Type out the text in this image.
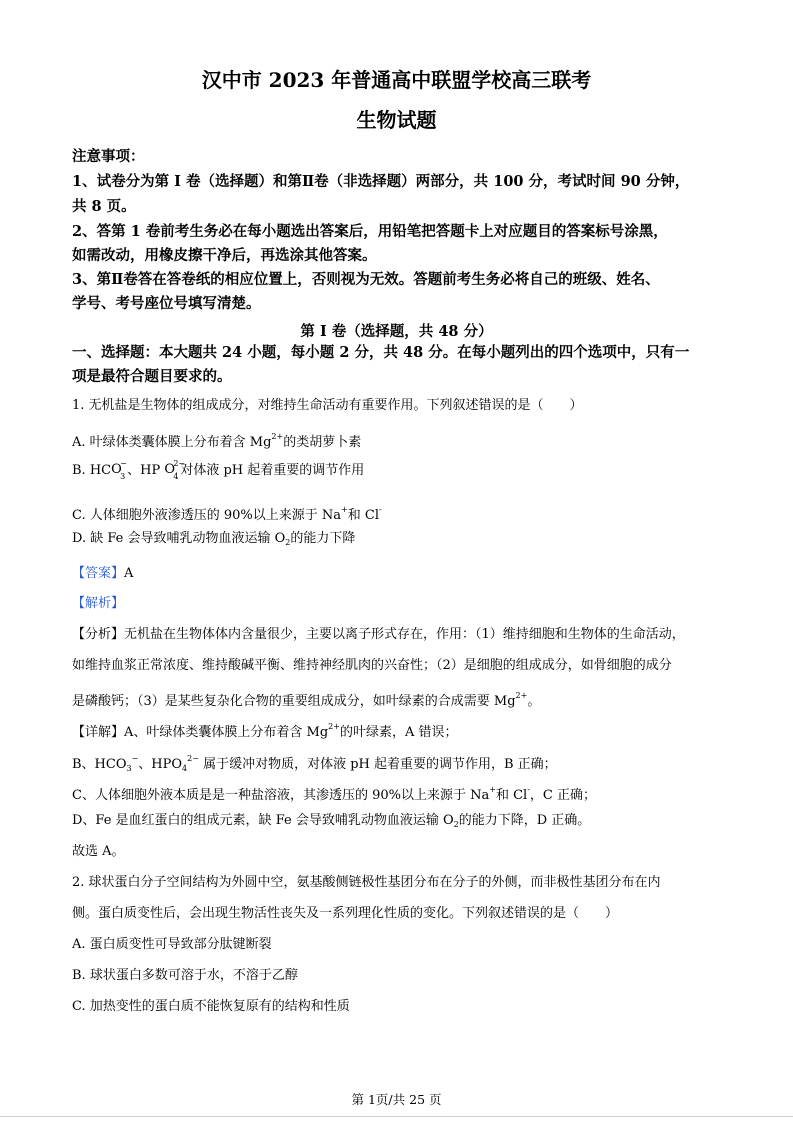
汉中市 2023 年普通高中联盟学校高三联考
生物试题
注意事项：
1、试卷分为第 I 卷（选择题）和第Ⅱ卷（非选择题）两部分，共 100 分，考试时间 90 分钟，
共 8 页。
2、答第 1 卷前考生务必在每小题选出答案后，用铅笔把答题卡上对应题目的答案标号涂黑，
如需改动，用橡皮擦干净后，再选涂其他答案。
3、第Ⅱ卷答在答卷纸的相应位置上，否则视为无效。答题前考生务必将自己的班级、姓名、
学号、考号座位号填写清楚。
第 I 卷（选择题，共 48 分）
一、选择题：本大题共 24 小题，每小题 2 分，共 48 分。在每小题列出的四个选项中，只有一
项是最符合题目要求的。
1. 无机盐是生物体的组成成分，对维持生命活动有重要作用。下列叙述错误的是（　　）
A. 叶绿体类囊体膜上分布着含 $Mg^{2+}$的类胡萝卜素
B. HC O
−
3 、HP O
2−
4 对体液 pH 起着重要的调节作用
C. 人体细胞外液渗透压的 90%以上来源于 Na+和 Cl-
D. 缺 Fe 会导致哺乳动物血液运输 $O_2$的能力下降
【答案】A
【解析】
【分析】无机盐在生物体体内含量很少，主要以离子形式存在，作用：（1）维持细胞和生物体的生命活动，
如维持血浆正常浓度、维持酸碱平衡、维持神经肌肉的兴奋性；（2）是细胞的组成成分，如骨细胞的成分
是磷酸钙；（3）是某些复杂化合物的重要组成成分，如叶绿素的合成需要 $Mg^{2+}$。
【详解】A、叶绿体类囊体膜上分布着含 $Mg^{2+}$的叶绿素，A 错误；
B、$HCO_3^-$、$HPO_4^{2-}$ 属于缓冲对物质，对体液 pH 起着重要的调节作用，B 正确；
C、人体细胞外液本质是是一种盐溶液，其渗透压的 90%以上来源于 Na+和 Cl-，C 正确；
D、Fe 是血红蛋白的组成元素，缺 Fe 会导致哺乳动物血液运输 $O_2$的能力下降，D 正确。
故选 A。
2. 球状蛋白分子空间结构为外圆中空，氨基酸侧链极性基团分布在分子的外侧，而非极性基团分布在内
侧。蛋白质变性后，会出现生物活性丧失及一系列理化性质的变化。下列叙述错误的是（　　）
A. 蛋白质变性可导致部分肽键断裂
B. 球状蛋白多数可溶于水，不溶于乙醇
C. 加热变性的蛋白质不能恢复原有的结构和性质
第 1页/共 25 页
